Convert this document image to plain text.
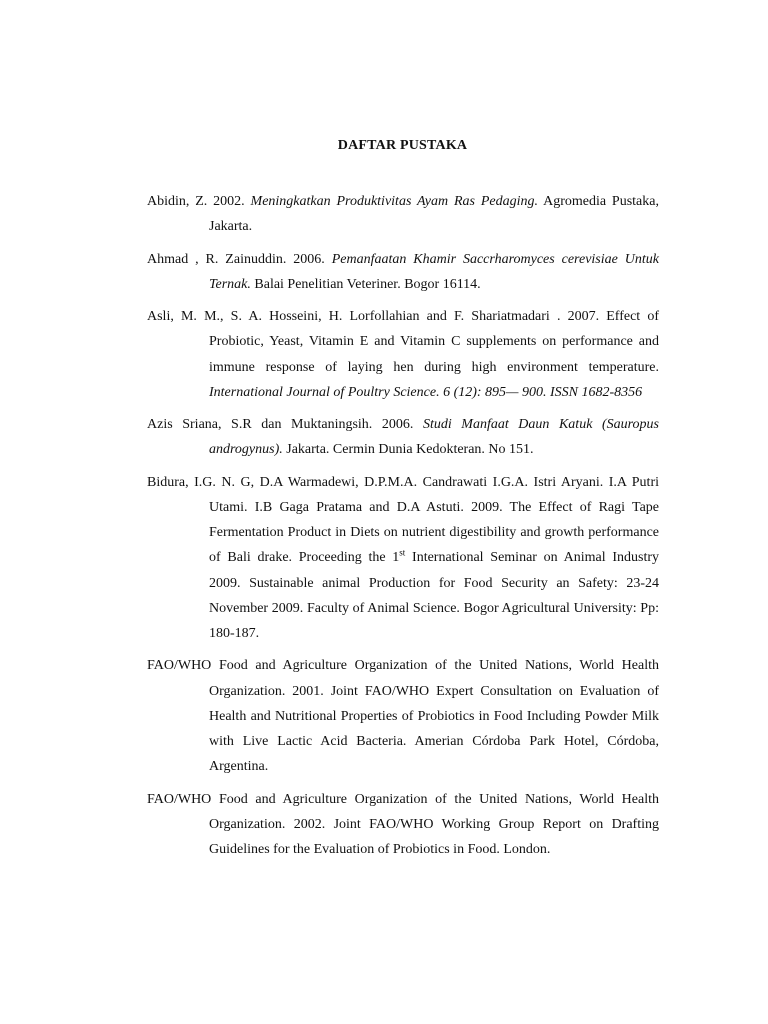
DAFTAR PUSTAKA
Abidin, Z. 2002. Meningkatkan Produktivitas Ayam Ras Pedaging. Agromedia Pustaka, Jakarta.
Ahmad , R. Zainuddin. 2006. Pemanfaatan Khamir Saccrharomyces cerevisiae Untuk Ternak. Balai Penelitian Veteriner. Bogor 16114.
Asli, M. M., S. A. Hosseini, H. Lorfollahian and F. Shariatmadari . 2007. Effect of Probiotic, Yeast, Vitamin E and Vitamin C supplements on performance and immune response of laying hen during high environment temperature. International Journal of Poultry Science. 6 (12): 895— 900. ISSN 1682-8356
Azis Sriana, S.R dan Muktaningsih. 2006. Studi Manfaat Daun Katuk (Sauropus androgynus). Jakarta. Cermin Dunia Kedokteran. No 151.
Bidura, I.G. N. G, D.A Warmadewi, D.P.M.A. Candrawati I.G.A. Istri Aryani. I.A Putri Utami. I.B Gaga Pratama and D.A Astuti. 2009. The Effect of Ragi Tape Fermentation Product in Diets on nutrient digestibility and growth performance of Bali drake. Proceeding the 1st International Seminar on Animal Industry 2009. Sustainable animal Production for Food Security an Safety: 23-24 November 2009. Faculty of Animal Science. Bogor Agricultural University: Pp: 180-187.
FAO/WHO Food and Agriculture Organization of the United Nations, World Health Organization. 2001. Joint FAO/WHO Expert Consultation on Evaluation of Health and Nutritional Properties of Probiotics in Food Including Powder Milk with Live Lactic Acid Bacteria. Amerian Córdoba Park Hotel, Córdoba, Argentina.
FAO/WHO Food and Agriculture Organization of the United Nations, World Health Organization. 2002. Joint FAO/WHO Working Group Report on Drafting Guidelines for the Evaluation of Probiotics in Food. London.
